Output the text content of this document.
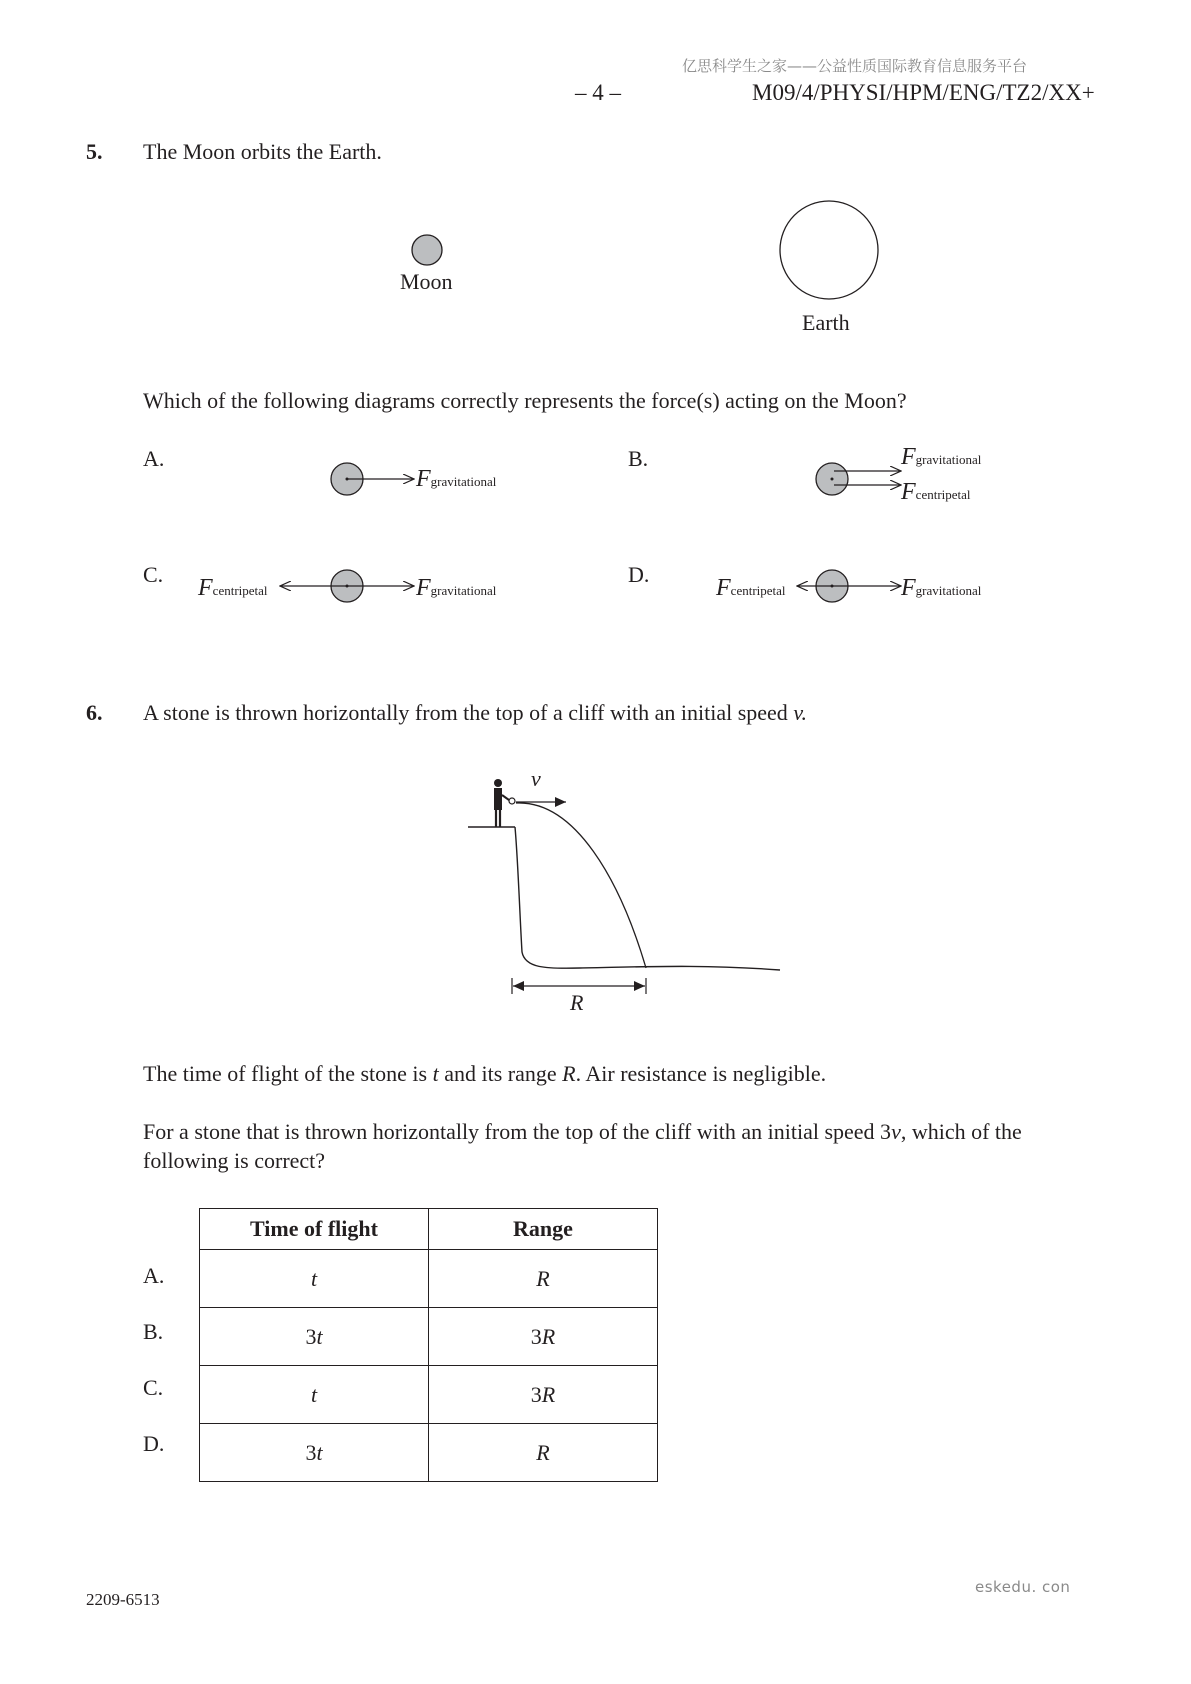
亿思科学生之家——公益性质国际教育信息服务平台
– 4 –	M09/4/PHYSI/HPM/ENG/TZ2/XX+
5. The Moon orbits the Earth.
Moon
Earth
Which of the following diagrams correctly represents the force(s) acting on the Moon?
A.	B.
C.	D.
Fgravitational
Fgravitational
Fcentripetal
Fcentripetal	Fgravitational	Fcentripetal	Fgravitational
6. A stone is thrown horizontally from the top of a cliff with an initial speed v.
v
R
The time of flight of the stone is t and its range R. Air resistance is negligible.
For a stone that is thrown horizontally from the top of the cliff with an initial speed 3v, which of the
following is correct?
Time of flight	Range
t	R
3t	3R
t	3R
3t	R
A.
B.
C.
D.
2209-6513
eskedu. con
